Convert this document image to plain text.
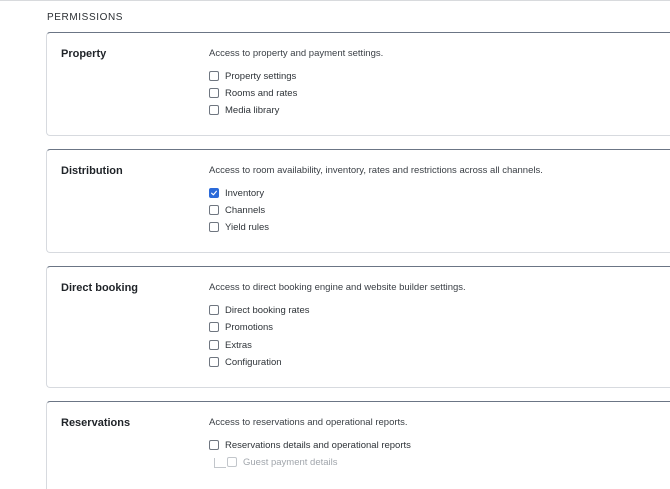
PERMISSIONS
Property	Access to property and payment settings.
Property settings
Rooms and rates
Media library
Distribution	Access to room availability, inventory, rates and restrictions across all channels.
Inventory
Channels
Yield rules
Direct booking	Access to direct booking engine and website builder settings.
Direct booking rates
Promotions
Extras
Configuration
Reservations	Access to reservations and operational reports.
Reservations details and operational reports
Guest payment details
